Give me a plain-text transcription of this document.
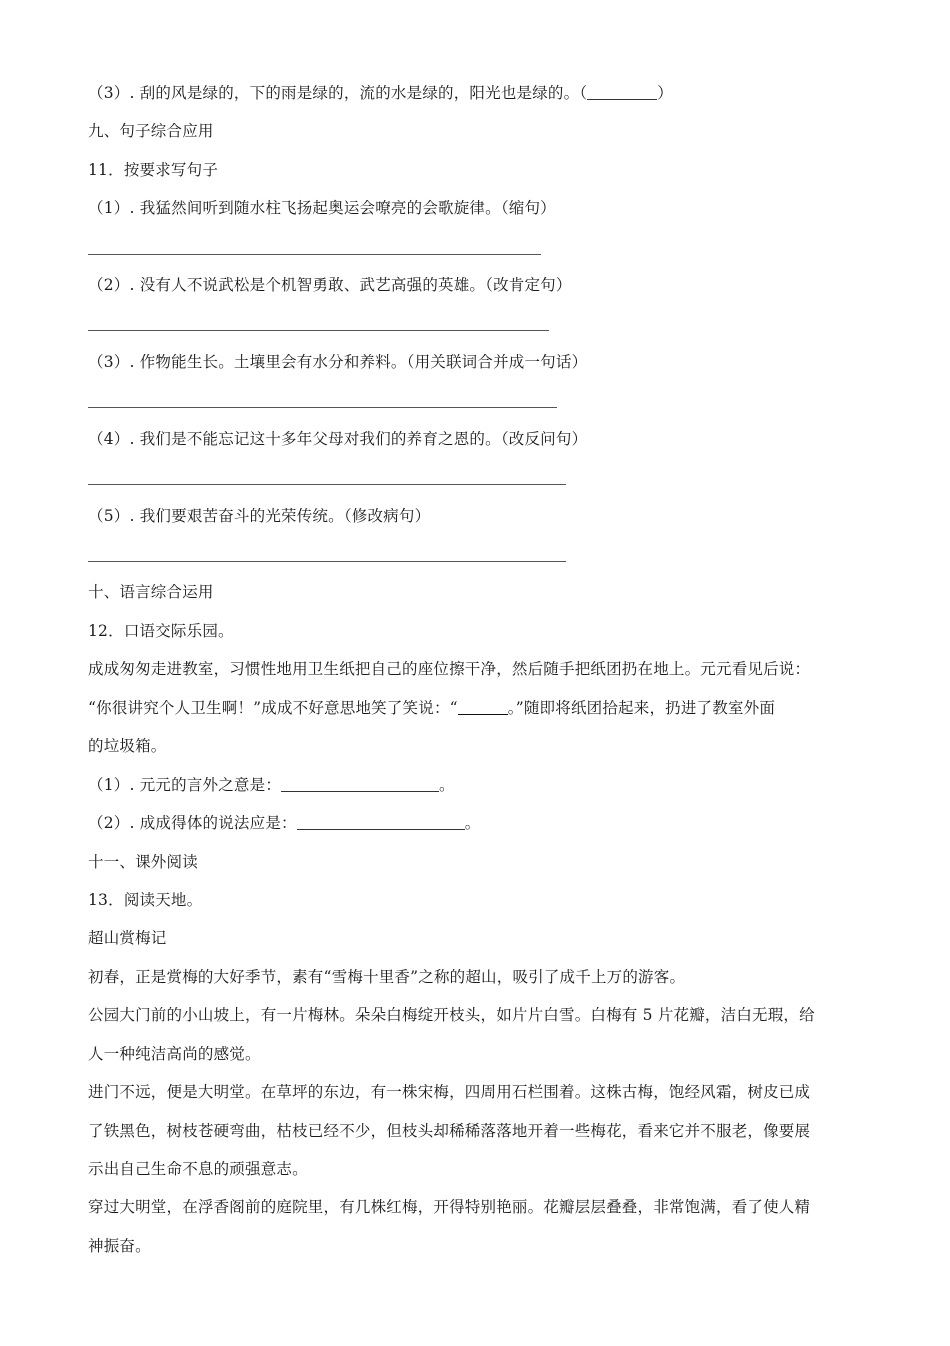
（3）. 刮的风是绿的，下的雨是绿的，流的水是绿的，阳光也是绿的。（	）
九、句子综合应用
11．按要求写句子
（1）. 我猛然间听到随水柱飞扬起奥运会嘹亮的会歌旋律。（缩句）
（2）. 没有人不说武松是个机智勇敢、武艺高强的英雄。（改肯定句）
（3）. 作物能生长。土壤里会有水分和养料。（用关联词合并成一句话）
（4）. 我们是不能忘记这十多年父母对我们的养育之恩的。（改反问句）
（5）. 我们要艰苦奋斗的光荣传统。（修改病句）
十、语言综合运用
12．口语交际乐园。
成成匆匆走进教室，习惯性地用卫生纸把自己的座位擦干净，然后随手把纸团扔在地上。元元看见后说：
“你很讲究个人卫生啊！”成成不好意思地笑了笑说：“	。”随即将纸团拾起来，扔进了教室外面
的垃圾箱。
（1）. 元元的言外之意是：	。
（2）. 成成得体的说法应是：	。
十一、课外阅读
13．阅读天地。
超山赏梅记
初春，正是赏梅的大好季节，素有“雪梅十里香”之称的超山，吸引了成千上万的游客。
公园大门前的小山坡上，有一片梅林。朵朵白梅绽开枝头，如片片白雪。白梅有 5 片花瓣，洁白无瑕，给
人一种纯洁高尚的感觉。
进门不远，便是大明堂。在草坪的东边，有一株宋梅，四周用石栏围着。这株古梅，饱经风霜，树皮已成
了铁黑色，树枝苍硬弯曲，枯枝已经不少，但枝头却稀稀落落地开着一些梅花，看来它并不服老，像要展
示出自己生命不息的顽强意志。
穿过大明堂，在浮香阁前的庭院里，有几株红梅，开得特别艳丽。花瓣层层叠叠，非常饱满，看了使人精
神振奋。
